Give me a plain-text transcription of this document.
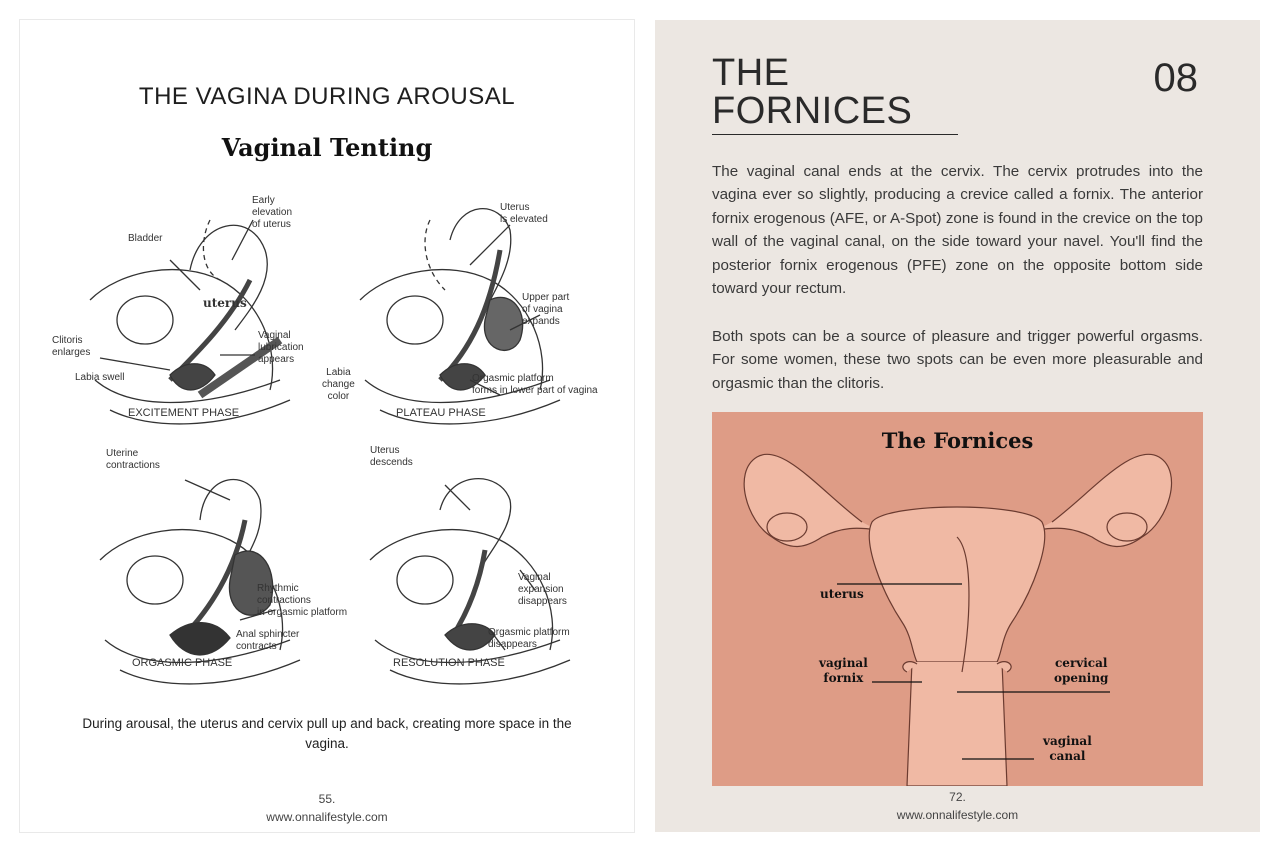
THE VAGINA DURING AROUSAL
Vaginal Tenting
Early
elevation
of uterus
Bladder
uterus
Clitoris
enlarges
Vaginal
lubrication
appears
Labia swell
Uterus
is elevated
Upper part
of vagina
expands
Labia
change
color
Orgasmic platform
forms in lower part of vagina
EXCITEMENT PHASE	PLATEAU PHASE
Uterine
contractions
Uterus
descends
Vaginal
expansion
disappears
Rhythmic
contractions
in orgasmic platform
Anal sphincter
contracts
Orgasmic platform
disappears
ORGASMIC PHASE	RESOLUTION PHASE
During arousal, the uterus and cervix pull up and back, creating more space in the vagina.
55.
www.onnalifestyle.com
THE
FORNICES
08
The vaginal canal ends at the cervix. The cervix protrudes into the vagina ever so slightly, producing a crevice called a fornix. The anterior fornix erogenous (AFE, or A-Spot) zone is found in the crevice on the top wall of the vaginal canal, on the side toward your navel. You'll find the posterior fornix erogenous (PFE) zone on the opposite bottom side toward your rectum.
Both spots can be a source of pleasure and trigger powerful orgasms. For some women, these two spots can be even more pleasurable and orgasmic than the clitoris.
The Fornices
uterus
vaginal
fornix
cervical
opening
vaginal
canal
72.
www.onnalifestyle.com
